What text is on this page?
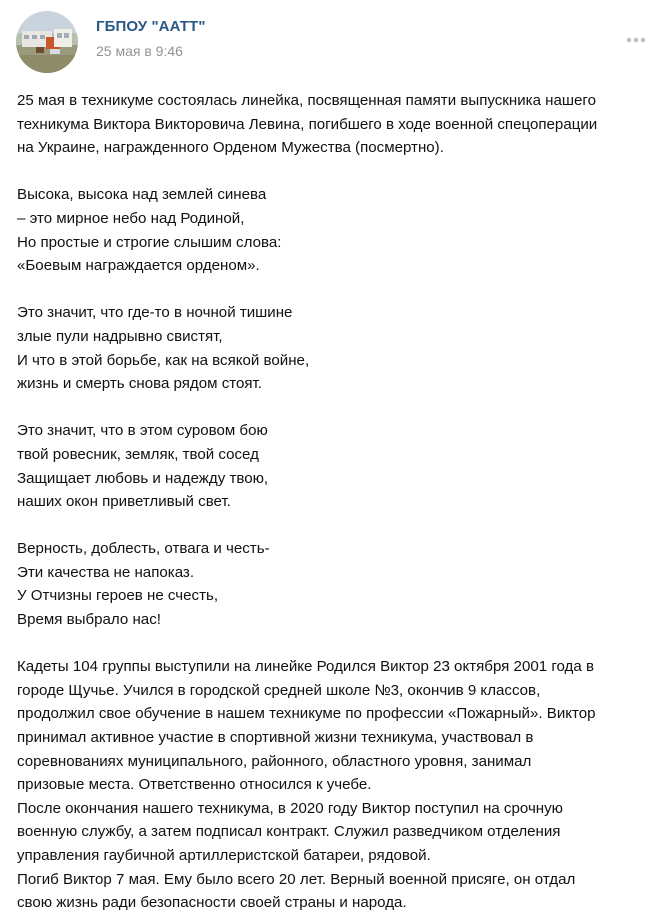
ГБПОУ "ААТТ"
25 мая в 9:46
25 мая в техникуме состоялась линейка, посвященная памяти выпускника нашего
техникума Виктора Викторовича Левина, погибшего в ходе военной спецоперации
на Украине, награжденного Орденом Мужества (посмертно).
Высока, высока над землей синева
– это мирное небо над Родиной,
Но простые и строгие слышим слова:
«Боевым награждается орденом».
Это значит, что где-то в ночной тишине
злые пули надрывно свистят,
И что в этой борьбе, как на всякой войне,
жизнь и смерть снова рядом стоят.
Это значит, что в этом суровом бою
твой ровесник, земляк, твой сосед
Защищает любовь и надежду твою,
наших окон приветливый свет.
Верность, доблесть, отвага и честь-
Эти качества не напоказ.
У Отчизны героев не счесть,
Время выбрало нас!
Кадеты 104 группы выступили на линейке Родился Виктор 23 октября 2001 года в
городе Щучье. Учился в городской средней школе №3, окончив 9 классов,
продолжил свое обучение в нашем техникуме по профессии «Пожарный». Виктор
принимал активное участие в спортивной жизни техникума, участвовал в
соревнованиях муниципального, районного, областного уровня, занимал
призовые места. Ответственно относился к учебе.
После окончания нашего техникума, в 2020 году Виктор поступил на срочную
военную службу, а затем подписал контракт. Служил разведчиком отделения
управления гаубичной артиллеристской батареи, рядовой.
Погиб Виктор 7 мая. Ему было всего 20 лет. Верный военной присяге, он отдал
свою жизнь ради безопасности своей страны и народа.
